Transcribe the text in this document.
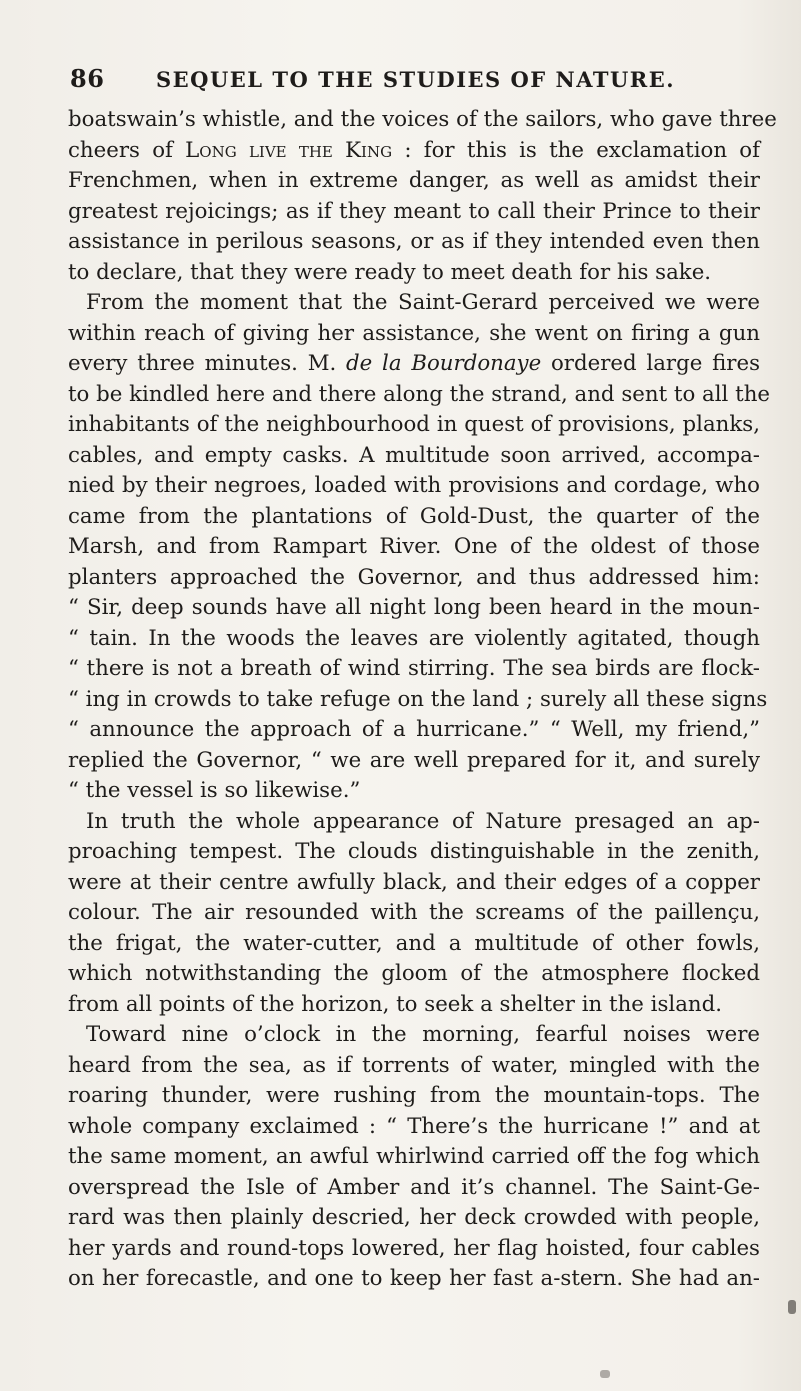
86 SEQUEL TO THE STUDIES OF NATURE.
boatswain’s whistle, and the voices of the sailors, who gave three
cheers of Long live the King : for this is the exclamation of
Frenchmen, when in extreme danger, as well as amidst their
greatest rejoicings; as if they meant to call their Prince to their
assistance in perilous seasons, or as if they intended even then
to declare, that they were ready to meet death for his sake.
From the moment that the Saint-Gerard perceived we were
within reach of giving her assistance, she went on firing a gun
every three minutes. M. de la Bourdonaye ordered large fires
to be kindled here and there along the strand, and sent to all the
inhabitants of the neighbourhood in quest of provisions, planks,
cables, and empty casks. A multitude soon arrived, accompa-
nied by their negroes, loaded with provisions and cordage, who
came from the plantations of Gold-Dust, the quarter of the
Marsh, and from Rampart River. One of the oldest of those
planters approached the Governor, and thus addressed him:
“ Sir, deep sounds have all night long been heard in the moun-
“ tain. In the woods the leaves are violently agitated, though
“ there is not a breath of wind stirring. The sea birds are flock-
“ ing in crowds to take refuge on the land ; surely all these signs
“ announce the approach of a hurricane.” “ Well, my friend,”
replied the Governor, “ we are well prepared for it, and surely
“ the vessel is so likewise.”
In truth the whole appearance of Nature presaged an ap-
proaching tempest. The clouds distinguishable in the zenith,
were at their centre awfully black, and their edges of a copper
colour. The air resounded with the screams of the paillençu,
the frigat, the water-cutter, and a multitude of other fowls,
which notwithstanding the gloom of the atmosphere flocked
from all points of the horizon, to seek a shelter in the island.
Toward nine o’clock in the morning, fearful noises were
heard from the sea, as if torrents of water, mingled with the
roaring thunder, were rushing from the mountain-tops. The
whole company exclaimed : “ There’s the hurricane !” and at
the same moment, an awful whirlwind carried off the fog which
overspread the Isle of Amber and it’s channel. The Saint-Ge-
rard was then plainly descried, her deck crowded with people,
her yards and round-tops lowered, her flag hoisted, four cables
on her forecastle, and one to keep her fast a-stern. She had an-
